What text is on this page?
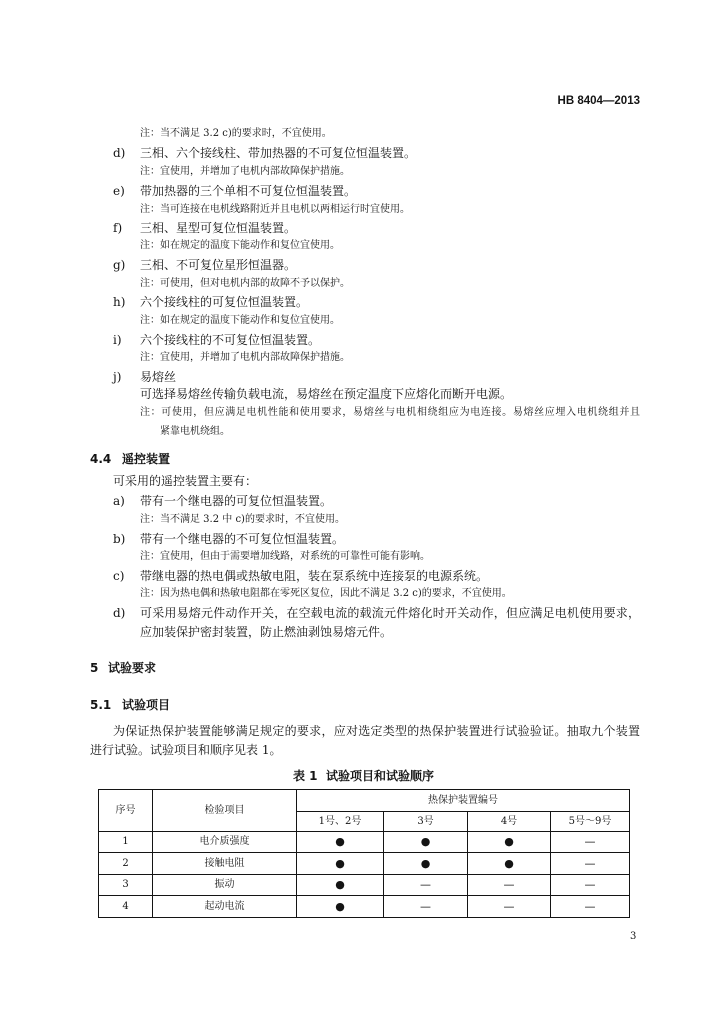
HB 8404—2013
注：当不满足 3.2 c)的要求时，不宜使用。
d) 三相、六个接线柱、带加热器的不可复位恒温装置。
注：宜使用，并增加了电机内部故障保护措施。
e) 带加热器的三个单相不可复位恒温装置。
注：当可连接在电机线路附近并且电机以两相运行时宜使用。
f) 三相、星型可复位恒温装置。
注：如在规定的温度下能动作和复位宜使用。
g) 三相、不可复位星形恒温器。
注：可使用，但对电机内部的故障不予以保护。
h) 六个接线柱的可复位恒温装置。
注：如在规定的温度下能动作和复位宜使用。
i) 六个接线柱的不可复位恒温装置。
注：宜使用，并增加了电机内部故障保护措施。
j) 易熔丝
可选择易熔丝传输负载电流，易熔丝在预定温度下应熔化而断开电源。
注：可使用，但应满足电机性能和使用要求，易熔丝与电机相绕组应为电连接。易熔丝应埋入电机绕组并且
紧靠电机绕组。
4.4 遥控装置
可采用的遥控装置主要有：
a) 带有一个继电器的可复位恒温装置。
注：当不满足 3.2 中 c)的要求时，不宜使用。
b) 带有一个继电器的不可复位恒温装置。
注：宜使用，但由于需要增加线路，对系统的可靠性可能有影响。
c) 带继电器的热电偶或热敏电阻，装在泵系统中连接泵的电源系统。
注：因为热电偶和热敏电阻都在零死区复位，因此不满足 3.2 c)的要求，不宜使用。
d) 可采用易熔元件动作开关，在空载电流的载流元件熔化时开关动作，但应满足电机使用要求，
应加装保护密封装置，防止燃油剥蚀易熔元件。
5 试验要求
5.1 试验项目
为保证热保护装置能够满足规定的要求，应对选定类型的热保护装置进行试验验证。抽取九个装置
进行试验。试验项目和顺序见表 1。
表 1 试验项目和试验顺序
序号	检验项目	热保护装置编号			
		1号、2号	3号	4号	5号～9号
1	电介质强度	●	●	●	—
2	接触电阻	●	●	●	—
3	振动	●	—	—	—
4	起动电流	●	—	—	—
3
